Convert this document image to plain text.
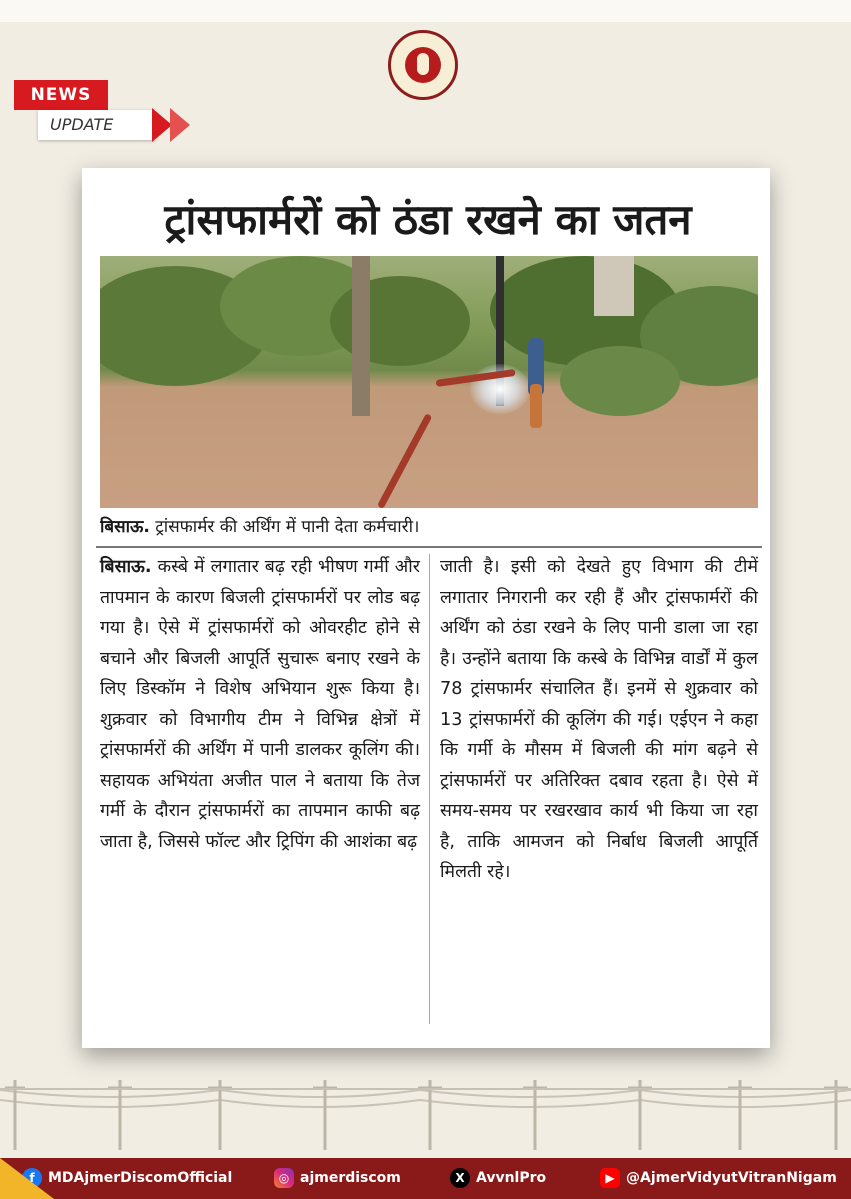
NEWS
UPDATE
ट्रांसफार्मरों को ठंडा रखने का जतन
बिसाऊ. ट्रांसफार्मर की अर्थिंग में पानी देता कर्मचारी।

बिसाऊ. कस्बे में लगातार बढ़ रही भीषण गर्मी और तापमान के कारण बिजली ट्रांसफार्मरों पर लोड बढ़ गया है। ऐसे में ट्रांसफार्मरों को ओवरहीट होने से बचाने और बिजली आपूर्ति सुचारू बनाए रखने के लिए डिस्कॉम ने विशेष अभियान शुरू किया है। शुक्रवार को विभागीय टीम ने विभिन्न क्षेत्रों में ट्रांसफार्मरों की अर्थिंग में पानी डालकर कूलिंग की। सहायक अभियंता अजीत पाल ने बताया कि तेज गर्मी के दौरान ट्रांसफार्मरों का तापमान काफी बढ़ जाता है, जिससे फॉल्ट और ट्रिपिंग की आशंका बढ़

जाती है। इसी को देखते हुए विभाग की टीमें लगातार निगरानी कर रही हैं और ट्रांसफार्मरों की अर्थिंग को ठंडा रखने के लिए पानी डाला जा रहा है। उन्होंने बताया कि कस्बे के विभिन्न वार्डों में कुल 78 ट्रांसफार्मर संचालित हैं। इनमें से शुक्रवार को 13 ट्रांसफार्मरों की कूलिंग की गई। एईएन ने कहा कि गर्मी के मौसम में बिजली की मांग बढ़ने से ट्रांसफार्मरों पर अतिरिक्त दबाव रहता है। ऐसे में समय-समय पर रखरखाव कार्य भी किया जा रहा है, ताकि आमजन को निर्बाध बिजली आपूर्ति मिलती रहे।

f MDAjmerDiscomOfficial	◎ ajmerdiscom	X AvvnlPro	▶ @AjmerVidyutVitranNigam
